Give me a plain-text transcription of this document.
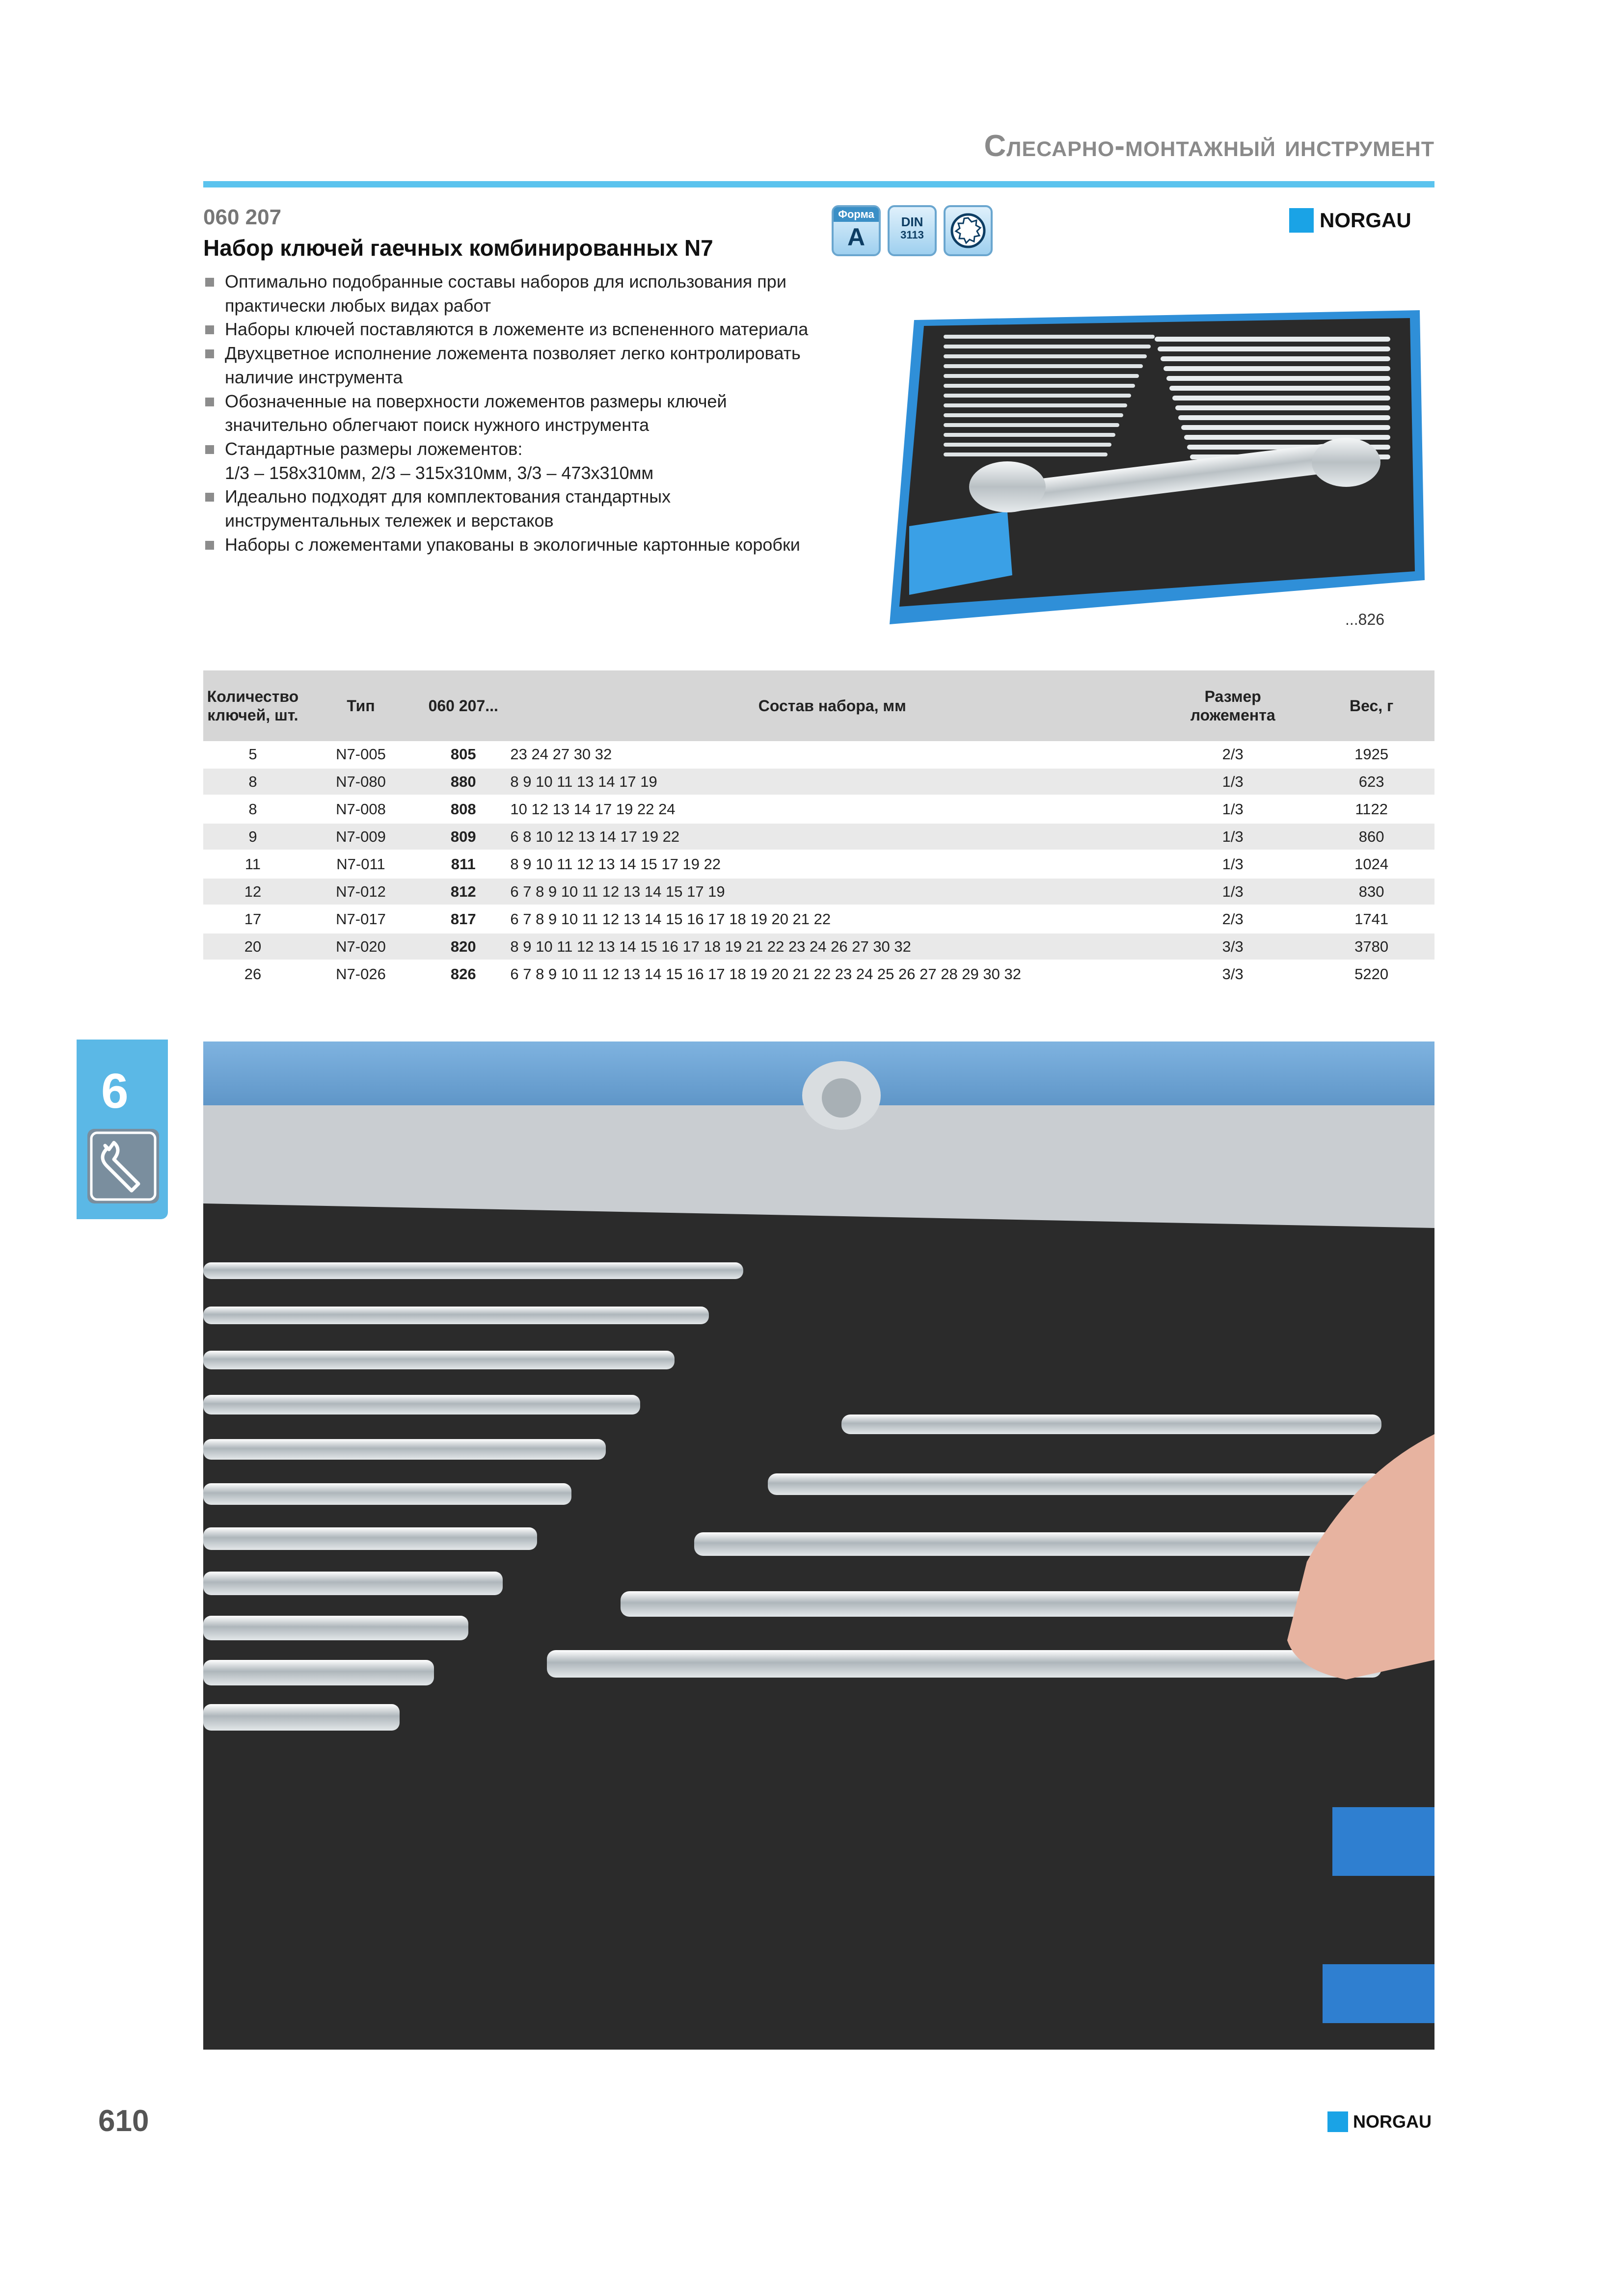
Слесарно-монтажный инструмент
060 207
Набор ключей гаечных комбинированных N7
Форма
A
DIN
3113
NORGAU
Оптимально подобранные составы наборов для использования при практически любых видах работ
Наборы ключей поставляются в ложементе из вспененного материала
Двухцветное исполнение ложемента позволяет легко контролировать наличие инструмента
Обозначенные на поверхности ложементов размеры ключей значительно облегчают поиск нужного инструмента
Стандартные размеры ложементов:
1/3 – 158x310мм, 2/3 – 315x310мм, 3/3 – 473x310мм
Идеально подходят для комплектования стандартных инструментальных тележек и верстаков
Наборы с ложементами упакованы в экологичные картонные коробки
...826
Количество ключей, шт.	Тип	060 207...	Состав набора, мм	Размер ложемента	Вес, г
5	N7-005	805	23 24 27 30 32	2/3	1925
8	N7-080	880	8 9 10 11 13 14 17 19	1/3	623
8	N7-008	808	10 12 13 14 17 19 22 24	1/3	1122
9	N7-009	809	6 8 10 12 13 14 17 19 22	1/3	860
11	N7-011	811	8 9 10 11 12 13 14 15 17 19 22	1/3	1024
12	N7-012	812	6 7 8 9 10 11 12 13 14 15 17 19	1/3	830
17	N7-017	817	6 7 8 9 10 11 12 13 14 15 16 17 18 19 20 21 22	2/3	1741
20	N7-020	820	8 9 10 11 12 13 14 15 16 17 18 19 21 22 23 24 26 27 30 32	3/3	3780
26	N7-026	826	6 7 8 9 10 11 12 13 14 15 16 17 18 19 20 21 22 23 24 25 26 27 28 29 30 32	3/3	5220
6
610	NORGAU
